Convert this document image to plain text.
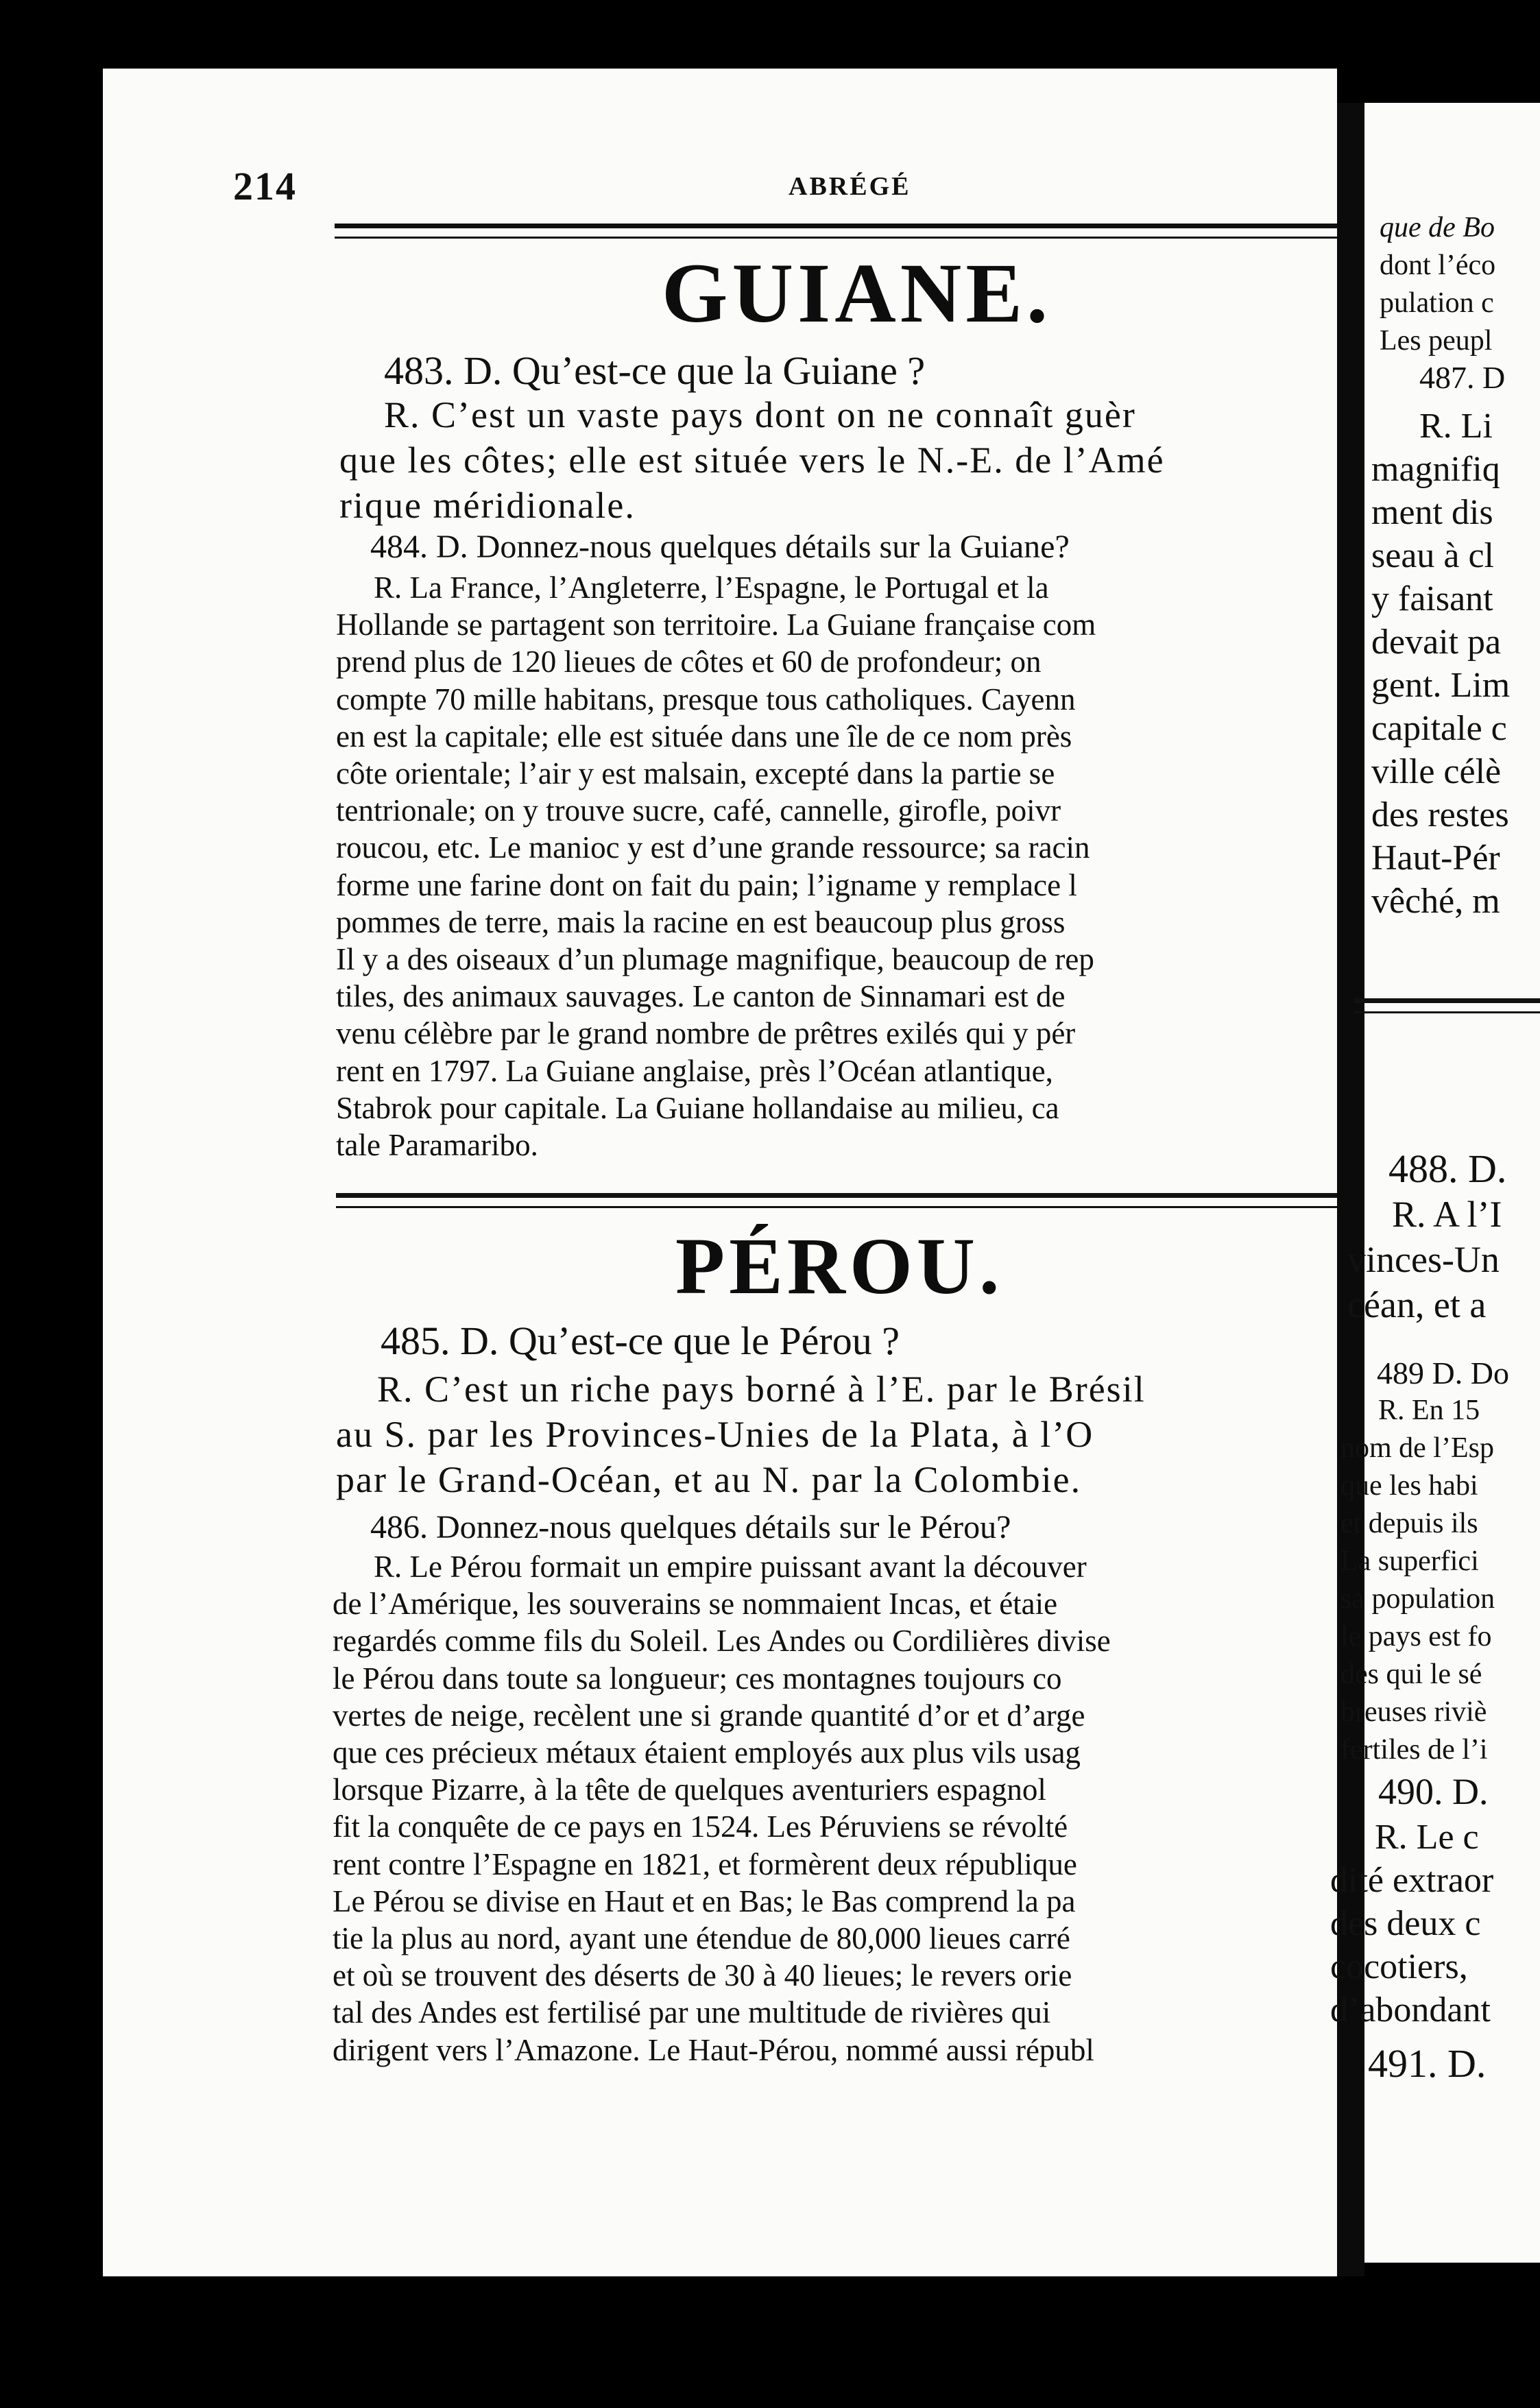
214	ABRÉGÉ
GUIANE.
483. D. Qu’est-ce que la Guiane ?
R. C’est un vaste pays dont on ne connaît guèr
que les côtes; elle est située vers le N.-E. de l’Amé
rique méridionale.
484. D. Donnez-nous quelques détails sur la Guiane?
R. La France, l’Angleterre, l’Espagne, le Portugal et la
Hollande se partagent son territoire. La Guiane française com
prend plus de 120 lieues de côtes et 60 de profondeur; on
compte 70 mille habitans, presque tous catholiques. Cayenn
en est la capitale; elle est située dans une île de ce nom près
côte orientale; l’air y est malsain, excepté dans la partie se
tentrionale; on y trouve sucre, café, cannelle, girofle, poivr
roucou, etc. Le manioc y est d’une grande ressource; sa racin
forme une farine dont on fait du pain; l’igname y remplace l
pommes de terre, mais la racine en est beaucoup plus gross
Il y a des oiseaux d’un plumage magnifique, beaucoup de rep
tiles, des animaux sauvages. Le canton de Sinnamari est de
venu célèbre par le grand nombre de prêtres exilés qui y pér
rent en 1797. La Guiane anglaise, près l’Océan atlantique,
Stabrok pour capitale. La Guiane hollandaise au milieu, ca
tale Paramaribo.
PÉROU.
485. D. Qu’est-ce que le Pérou ?
R. C’est un riche pays borné à l’E. par le Brésil
au S. par les Provinces-Unies de la Plata, à l’O
par le Grand-Océan, et au N. par la Colombie.
486. Donnez-nous quelques détails sur le Pérou?
R. Le Pérou formait un empire puissant avant la découver
de l’Amérique, les souverains se nommaient Incas, et étaie
regardés comme fils du Soleil. Les Andes ou Cordilières divise
le Pérou dans toute sa longueur; ces montagnes toujours co
vertes de neige, recèlent une si grande quantité d’or et d’arge
que ces précieux métaux étaient employés aux plus vils usag
lorsque Pizarre, à la tête de quelques aventuriers espagnol
fit la conquête de ce pays en 1524. Les Péruviens se révolté
rent contre l’Espagne en 1821, et formèrent deux république
Le Pérou se divise en Haut et en Bas; le Bas comprend la pa
tie la plus au nord, ayant une étendue de 80,000 lieues carré
et où se trouvent des déserts de 30 à 40 lieues; le revers orie
tal des Andes est fertilisé par une multitude de rivières qui
dirigent vers l’Amazone. Le Haut-Pérou, nommé aussi républ
que de Bo
dont l’éco
pulation c
Les peupl
487. D
R. Li
magnifiq
ment dis
seau à cl
y faisant
devait pa
gent. Lim
capitale c
ville célè
des restes
Haut-Pér
vêché, m
488. D.
R. A l’I
vinces-Un
céan, et a
489 D. Do
R. En 15
nom de l’Esp
que les habi
et depuis ils
La superfici
sa population
le pays est fo
des qui le sé
breuses riviè
fertiles de l’i
490. D.
R. Le c
dité extraor
des deux c
cocotiers,
d’abondant
491. D.
